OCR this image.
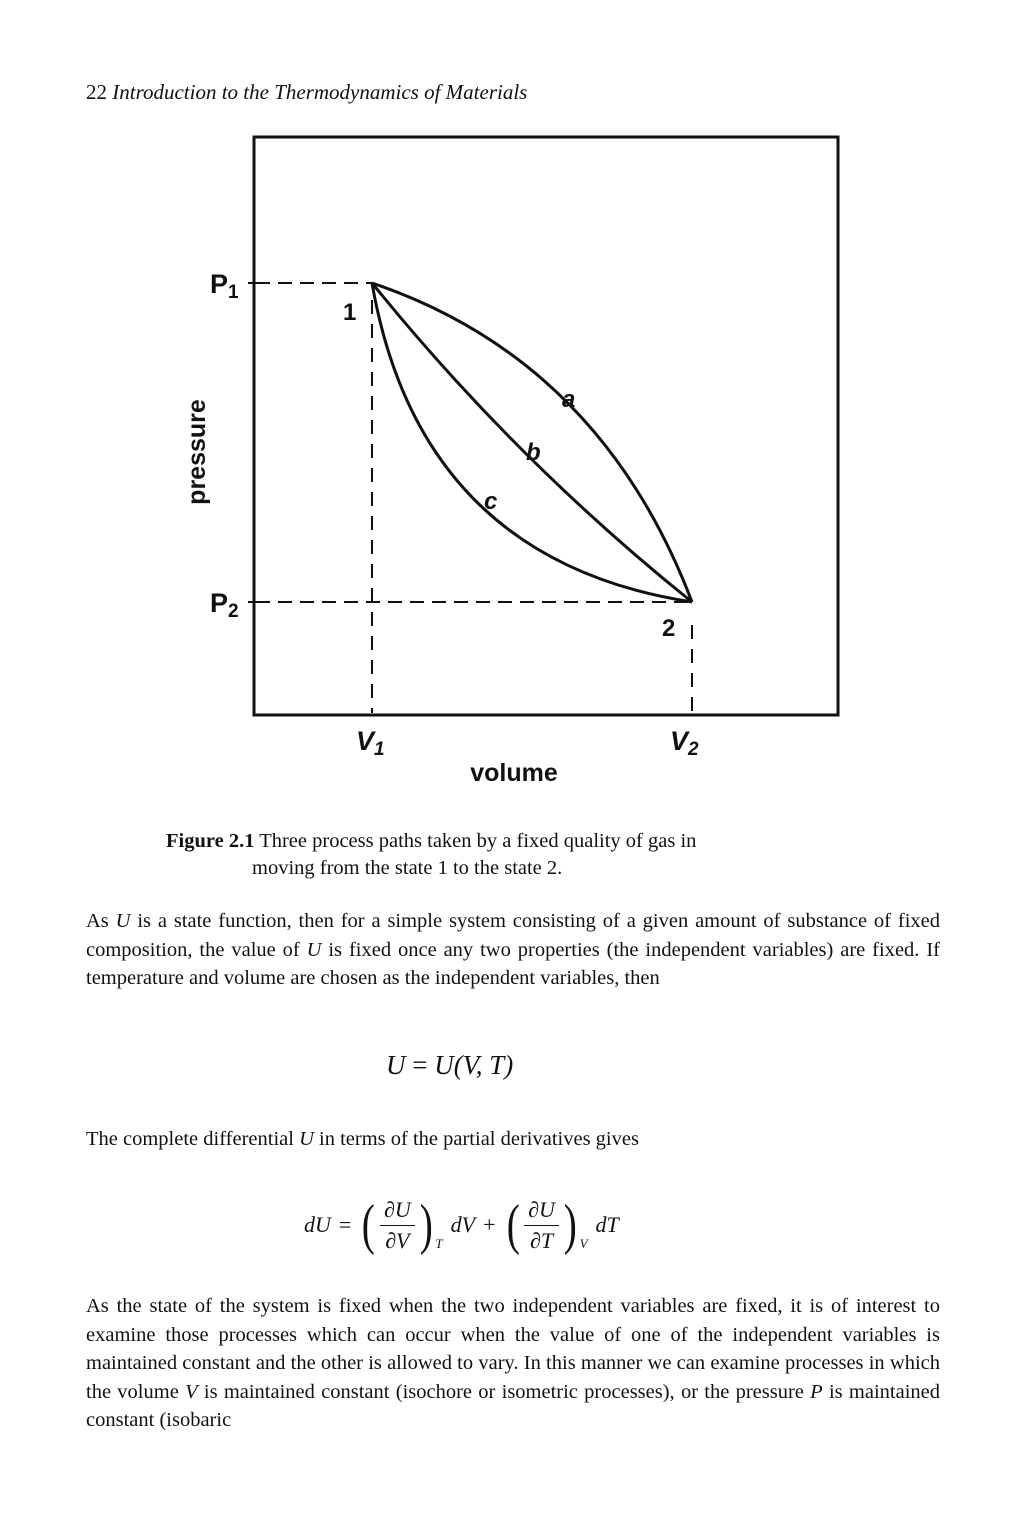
22 Introduction to the Thermodynamics of Materials
P1
P2
1
2
a
b
c
V1	V2
volume
pressure
Figure 2.1 Three process paths taken by a fixed quality of gas in
moving from the state 1 to the state 2.
As U is a state function, then for a simple system consisting of a given amount of substance of fixed composition, the value of U is fixed once any two properties (the independent variables) are fixed. If temperature and volume are chosen as the independent variables, then
U = U(V, T)
The complete differential U in terms of the partial derivatives gives
dU = ( $\frac{\partial U}{\partial V}$ ) T
dV + ( $\frac{\partial U}{\partial T}$ ) V
dT
As the state of the system is fixed when the two independent variables are fixed, it is of interest to examine those processes which can occur when the value of one of the independent variables is maintained constant and the other is allowed to vary. In this manner we can examine processes in which the volume V is maintained constant (isochore or isometric processes), or the pressure P is maintained constant (isobaric
